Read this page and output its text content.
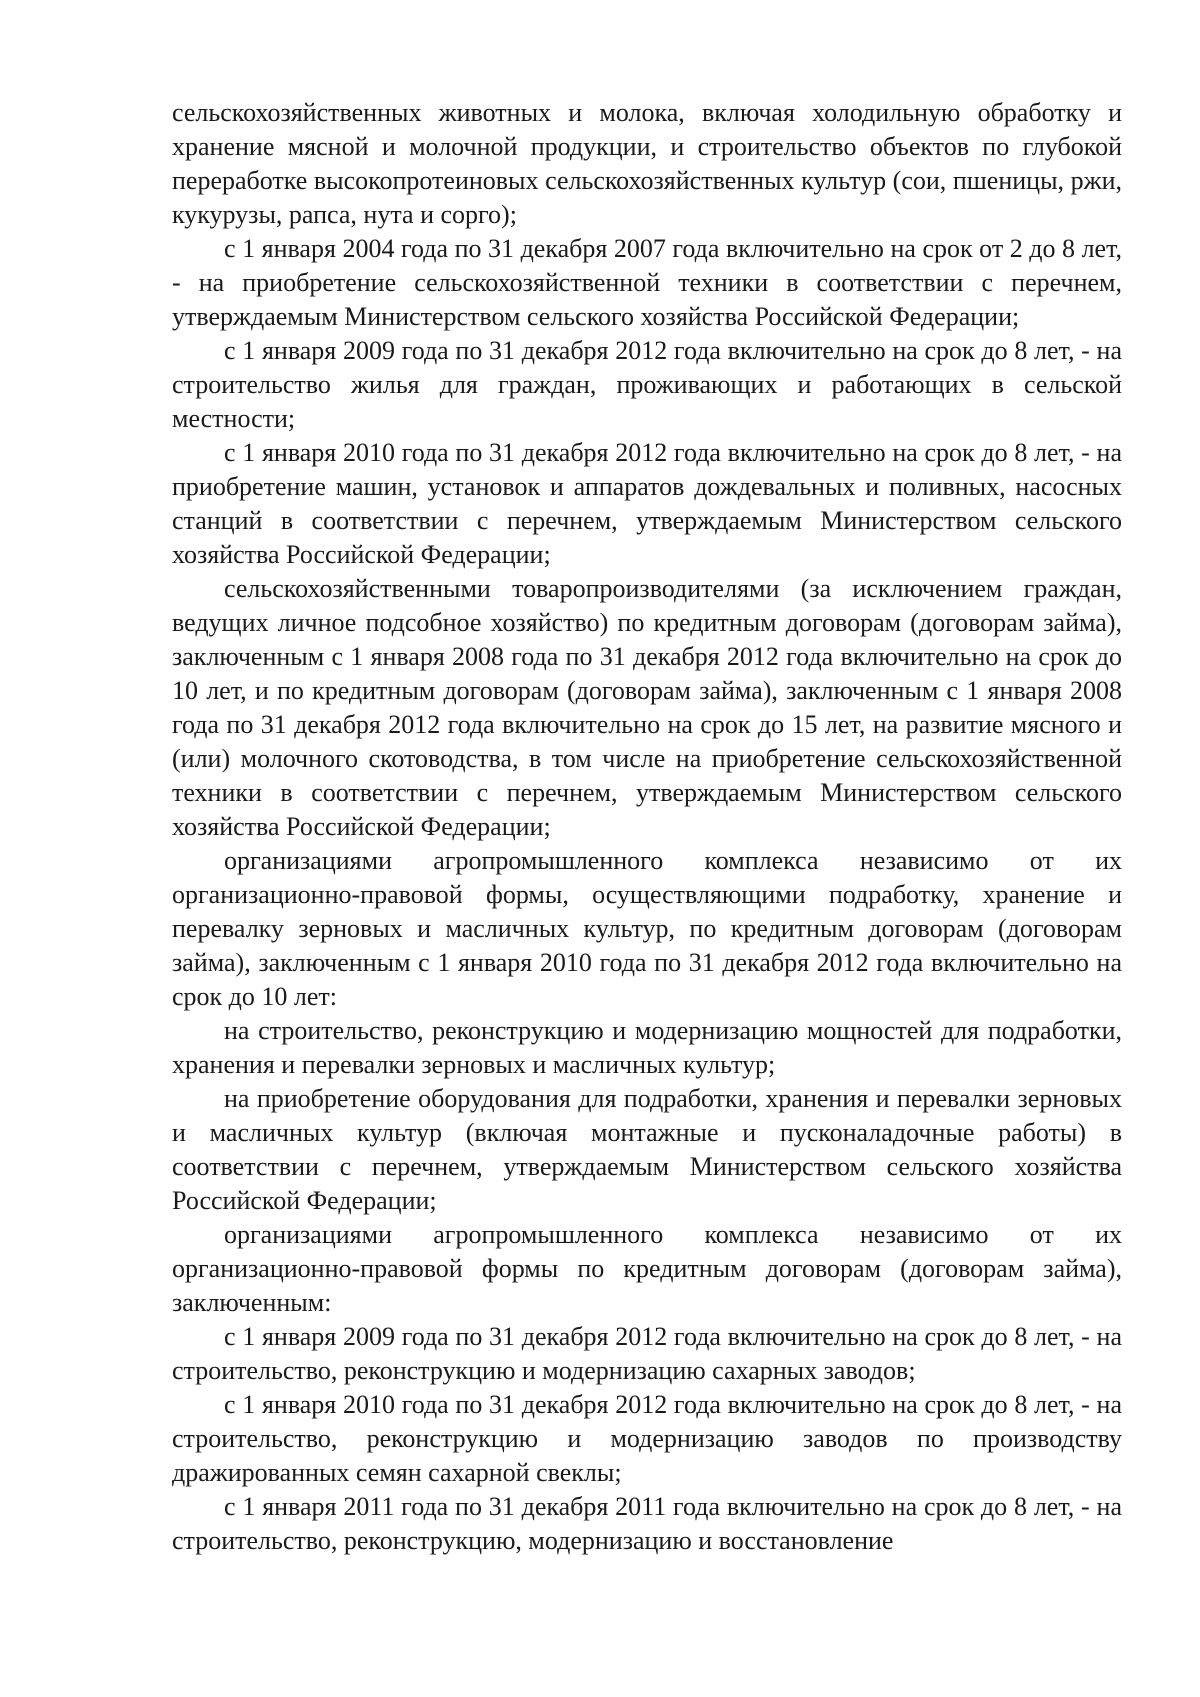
сельскохозяйственных животных и молока, включая холодильную обработку и хранение мясной и молочной продукции, и строительство объектов по глубокой переработке высокопротеиновых сельскохозяйственных культур (сои, пшеницы, ржи, кукурузы, рапса, нута и сорго);

с 1 января 2004 года по 31 декабря 2007 года включительно на срок от 2 до 8 лет, - на приобретение сельскохозяйственной техники в соответствии с перечнем, утверждаемым Министерством сельского хозяйства Российской Федерации;

с 1 января 2009 года по 31 декабря 2012 года включительно на срок до 8 лет, - на строительство жилья для граждан, проживающих и работающих в сельской местности;

с 1 января 2010 года по 31 декабря 2012 года включительно на срок до 8 лет, - на приобретение машин, установок и аппаратов дождевальных и поливных, насосных станций в соответствии с перечнем, утверждаемым Министерством сельского хозяйства Российской Федерации;

сельскохозяйственными товаропроизводителями (за исключением граждан, ведущих личное подсобное хозяйство) по кредитным договорам (договорам займа), заключенным с 1 января 2008 года по 31 декабря 2012 года включительно на срок до 10 лет, и по кредитным договорам (договорам займа), заключенным с 1 января 2008 года по 31 декабря 2012 года включительно на срок до 15 лет, на развитие мясного и (или) молочного скотоводства, в том числе на приобретение сельскохозяйственной техники в соответствии с перечнем, утверждаемым Министерством сельского хозяйства Российской Федерации;

организациями агропромышленного комплекса независимо от их организационно-правовой формы, осуществляющими подработку, хранение и перевалку зерновых и масличных культур, по кредитным договорам (договорам займа), заключенным с 1 января 2010 года по 31 декабря 2012 года включительно на срок до 10 лет:

на строительство, реконструкцию и модернизацию мощностей для подработки, хранения и перевалки зерновых и масличных культур;

на приобретение оборудования для подработки, хранения и перевалки зерновых и масличных культур (включая монтажные и пусконаладочные работы) в соответствии с перечнем, утверждаемым Министерством сельского хозяйства Российской Федерации;

организациями агропромышленного комплекса независимо от их организационно-правовой формы по кредитным договорам (договорам займа), заключенным:

с 1 января 2009 года по 31 декабря 2012 года включительно на срок до 8 лет, - на строительство, реконструкцию и модернизацию сахарных заводов;

с 1 января 2010 года по 31 декабря 2012 года включительно на срок до 8 лет, - на строительство, реконструкцию и модернизацию заводов по производству дражированных семян сахарной свеклы;

с 1 января 2011 года по 31 декабря 2011 года включительно на срок до 8 лет, - на строительство, реконструкцию, модернизацию и восстановление
